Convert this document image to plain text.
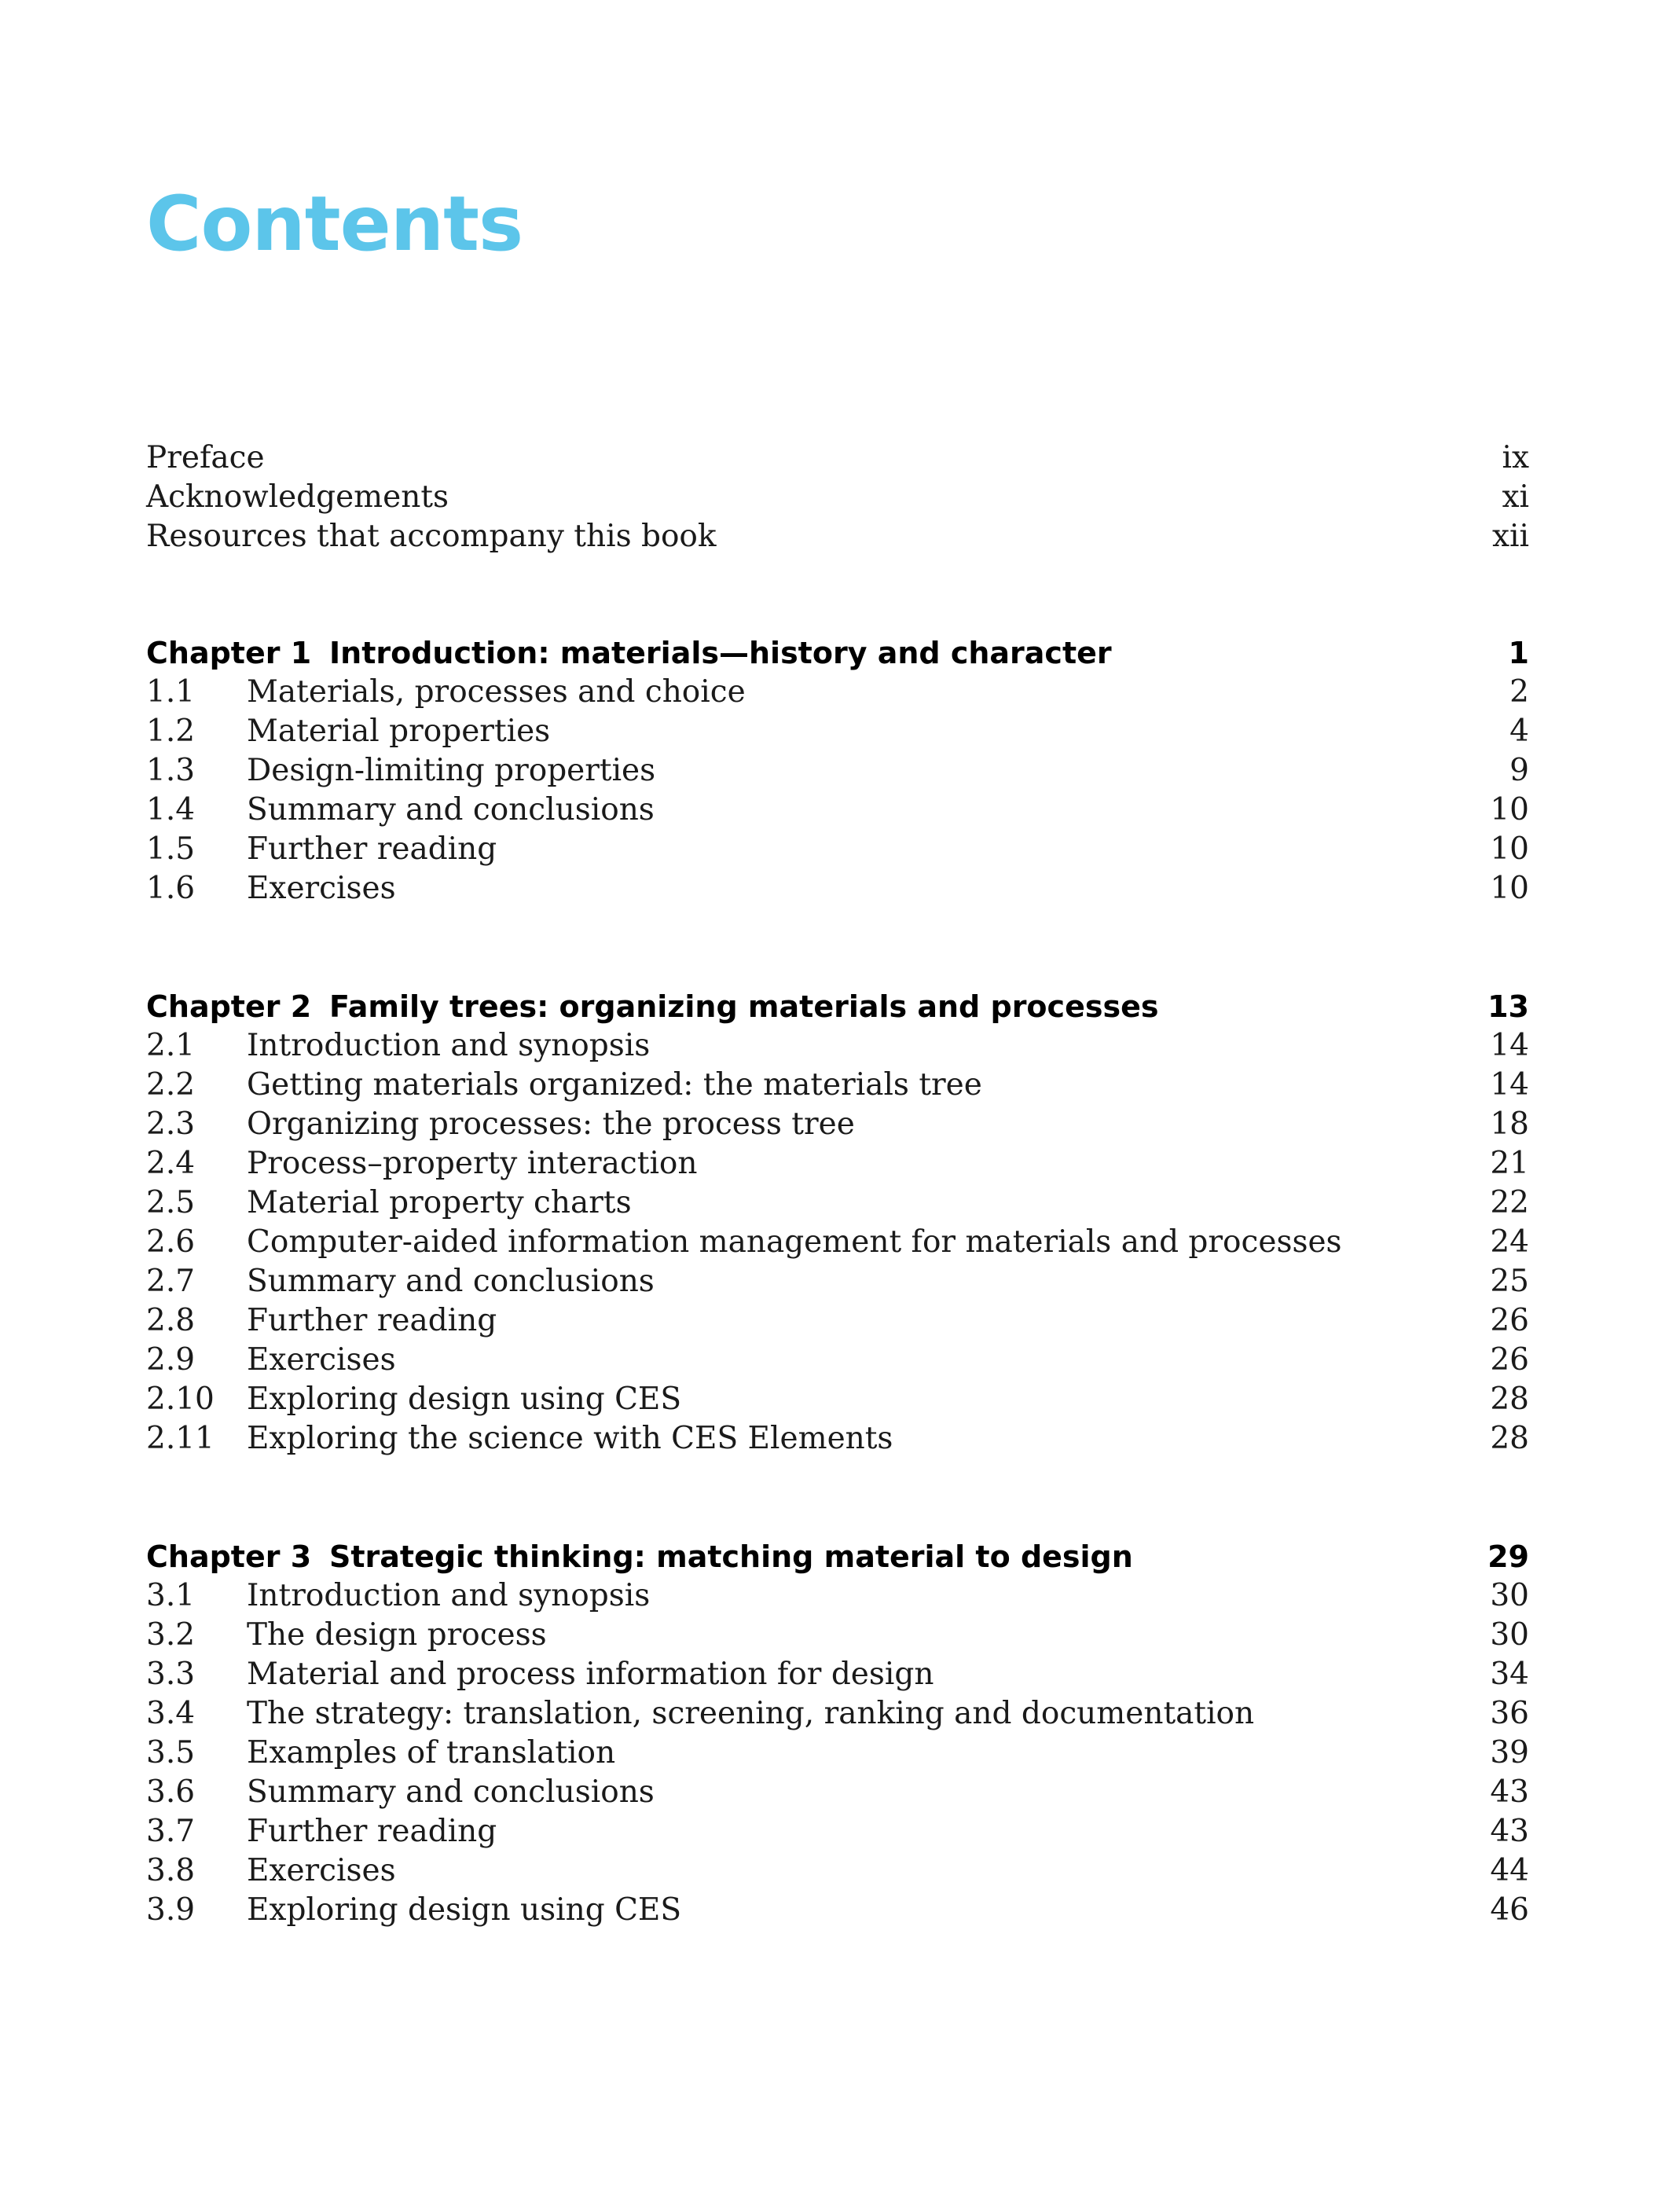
Contents
Preface	ix
Acknowledgements	xi
Resources that accompany this book	xii
Chapter 1 Introduction: materials—history and character	1
1.1 Materials, processes and choice	2
1.2 Material properties	4
1.3 Design-limiting properties	9
1.4 Summary and conclusions	10
1.5 Further reading	10
1.6 Exercises	10
Chapter 2 Family trees: organizing materials and processes	13
2.1 Introduction and synopsis	14
2.2 Getting materials organized: the materials tree	14
2.3 Organizing processes: the process tree	18
2.4 Process–property interaction	21
2.5 Material property charts	22
2.6 Computer-aided information management for materials and processes	24
2.7 Summary and conclusions	25
2.8 Further reading	26
2.9 Exercises	26
2.10 Exploring design using CES	28
2.11 Exploring the science with CES Elements	28
Chapter 3 Strategic thinking: matching material to design	29
3.1 Introduction and synopsis	30
3.2 The design process	30
3.3 Material and process information for design	34
3.4 The strategy: translation, screening, ranking and documentation	36
3.5 Examples of translation	39
3.6 Summary and conclusions	43
3.7 Further reading	43
3.8 Exercises	44
3.9 Exploring design using CES	46
